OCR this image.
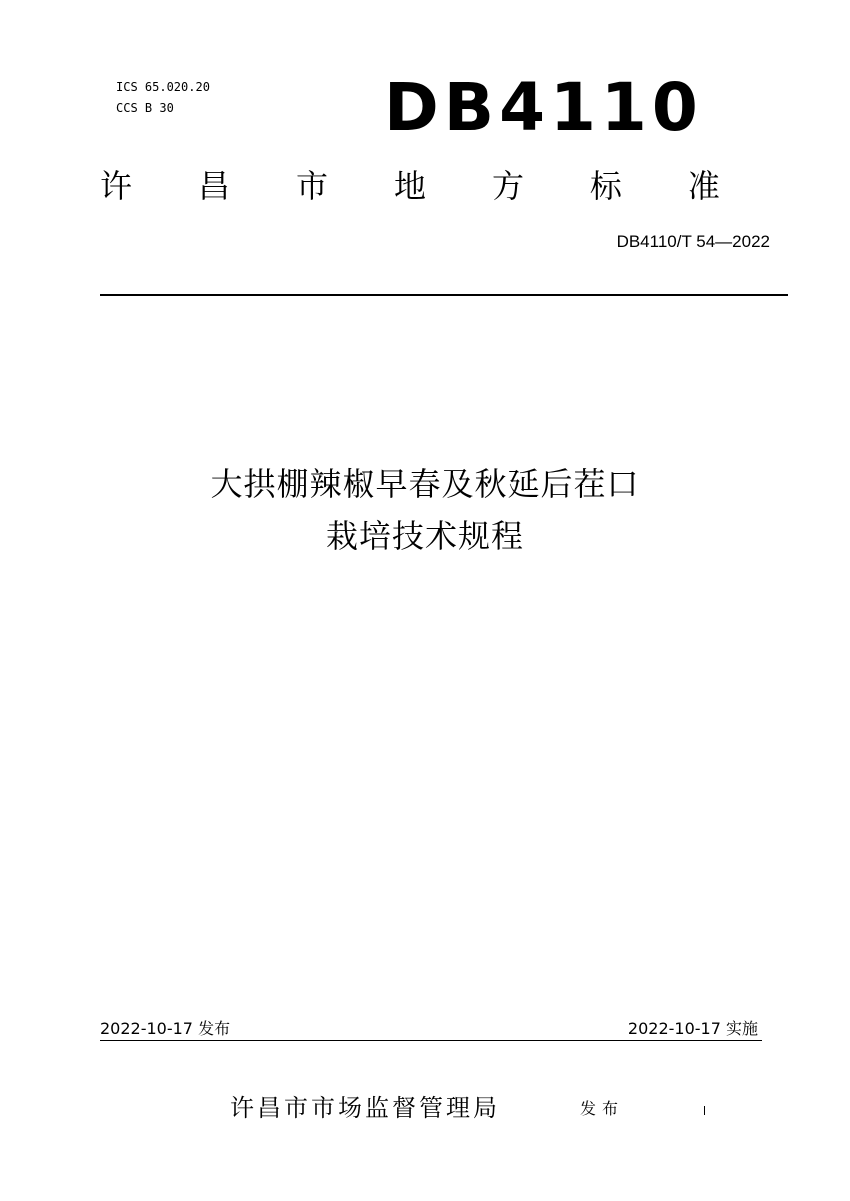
ICS 65.020.20
CCS B 30	DB4110
许 昌 市 地 方 标 准
DB4110/T 54—2022
大拱棚辣椒早春及秋延后茬口
栽培技术规程
2022-10-17 发布	2022-10-17 实施
许昌市市场监督管理局	发布
